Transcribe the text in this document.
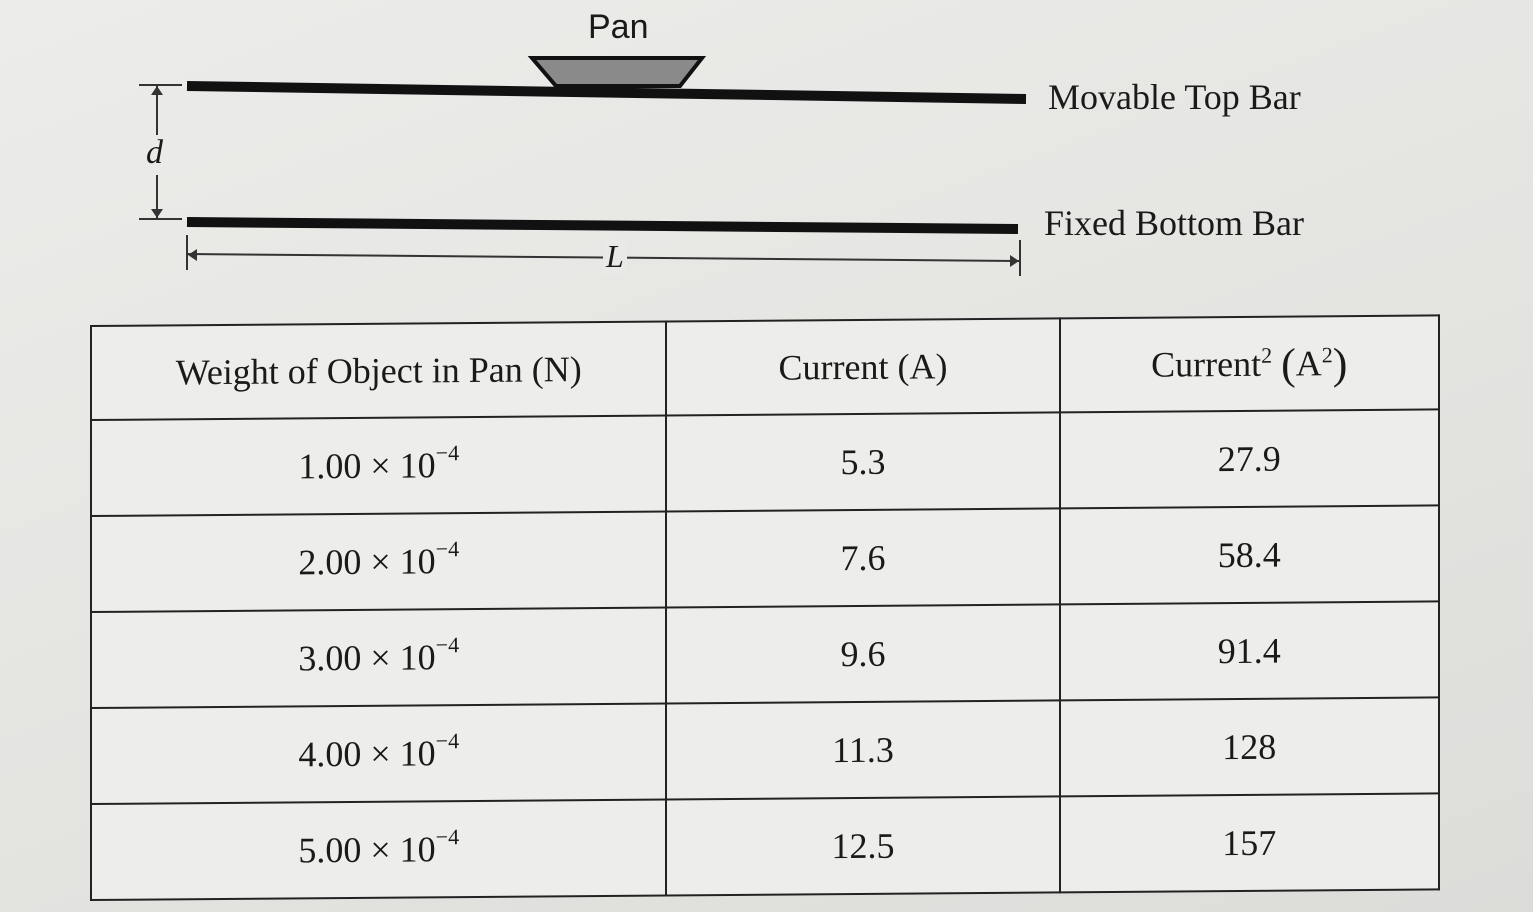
Pan
Movable Top Bar
Fixed Bottom Bar
d
L
Weight of Object in Pan (N)	Current (A)	Current$^2$ $(A^2)$
$1.00 \times 10^{-4}$	5.3	27.9
$2.00 \times 10^{-4}$	7.6	58.4
$3.00 \times 10^{-4}$	9.6	91.4
$4.00 \times 10^{-4}$	11.3	128
$5.00 \times 10^{-4}$	12.5	157
